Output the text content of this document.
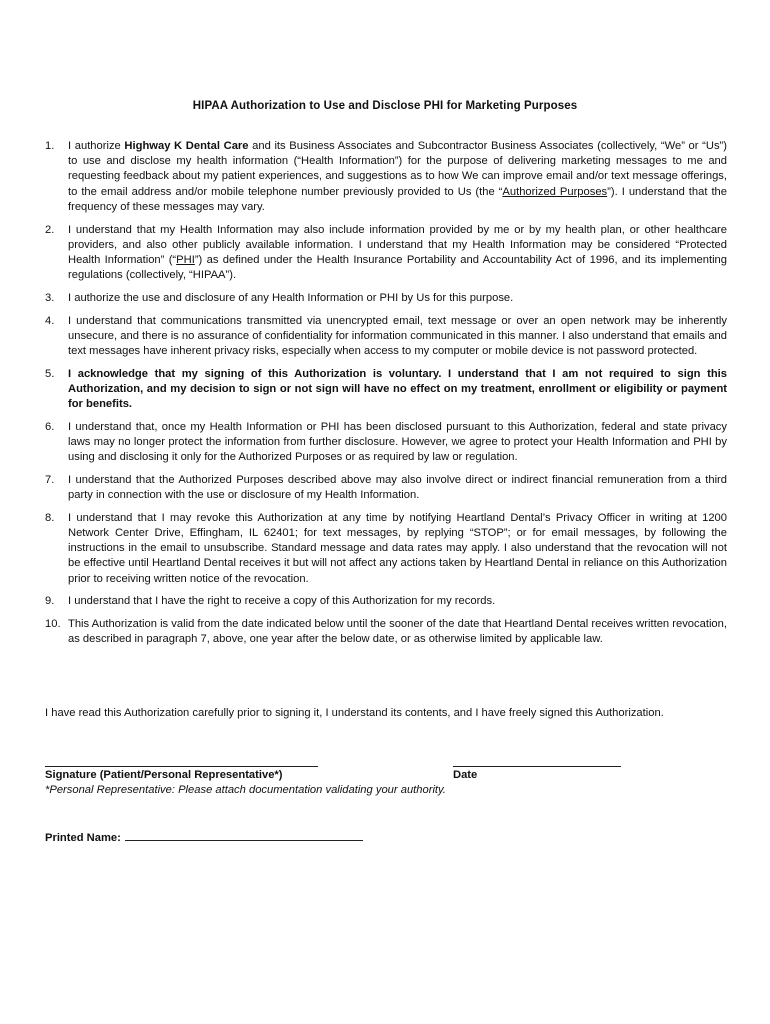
HIPAA Authorization to Use and Disclose PHI for Marketing Purposes
1.	I authorize Highway K Dental Care and its Business Associates and Subcontractor Business Associates (collectively, “We” or “Us”) to use and disclose my health information (“Health Information”) for the purpose of delivering marketing messages to me and requesting feedback about my patient experiences, and suggestions as to how We can improve email and/or text message offerings, to the email address and/or mobile telephone number previously provided to Us (the “Authorized Purposes”). I understand that the frequency of these messages may vary.
2.	I understand that my Health Information may also include information provided by me or by my health plan, or other healthcare providers, and also other publicly available information. I understand that my Health Information may be considered “Protected Health Information” (“PHI”) as defined under the Health Insurance Portability and Accountability Act of 1996, and its implementing regulations (collectively, “HIPAA”).
3.	I authorize the use and disclosure of any Health Information or PHI by Us for this purpose.
4.	I understand that communications transmitted via unencrypted email, text message or over an open network may be inherently unsecure, and there is no assurance of confidentiality for information communicated in this manner. I also understand that emails and text messages have inherent privacy risks, especially when access to my computer or mobile device is not password protected.
5.	I acknowledge that my signing of this Authorization is voluntary. I understand that I am not required to sign this Authorization, and my decision to sign or not sign will have no effect on my treatment, enrollment or eligibility or payment for benefits.
6.	I understand that, once my Health Information or PHI has been disclosed pursuant to this Authorization, federal and state privacy laws may no longer protect the information from further disclosure. However, we agree to protect your Health Information and PHI by using and disclosing it only for the Authorized Purposes or as required by law or regulation.
7.	I understand that the Authorized Purposes described above may also involve direct or indirect financial remuneration from a third party in connection with the use or disclosure of my Health Information.
8.	I understand that I may revoke this Authorization at any time by notifying Heartland Dental’s Privacy Officer in writing at 1200 Network Center Drive, Effingham, IL 62401; for text messages, by replying “STOP”; or for email messages, by following the instructions in the email to unsubscribe. Standard message and data rates may apply. I also understand that the revocation will not be effective until Heartland Dental receives it but will not affect any actions taken by Heartland Dental in reliance on this Authorization prior to receiving written notice of the revocation.
9.	I understand that I have the right to receive a copy of this Authorization for my records.
10. This Authorization is valid from the date indicated below until the sooner of the date that Heartland Dental receives written revocation, as described in paragraph 7, above, one year after the below date, or as otherwise limited by applicable law.
I have read this Authorization carefully prior to signing it, I understand its contents, and I have freely signed this Authorization.
Signature (Patient/Personal Representative*)	Date
*Personal Representative: Please attach documentation validating your authority.
Printed Name:
